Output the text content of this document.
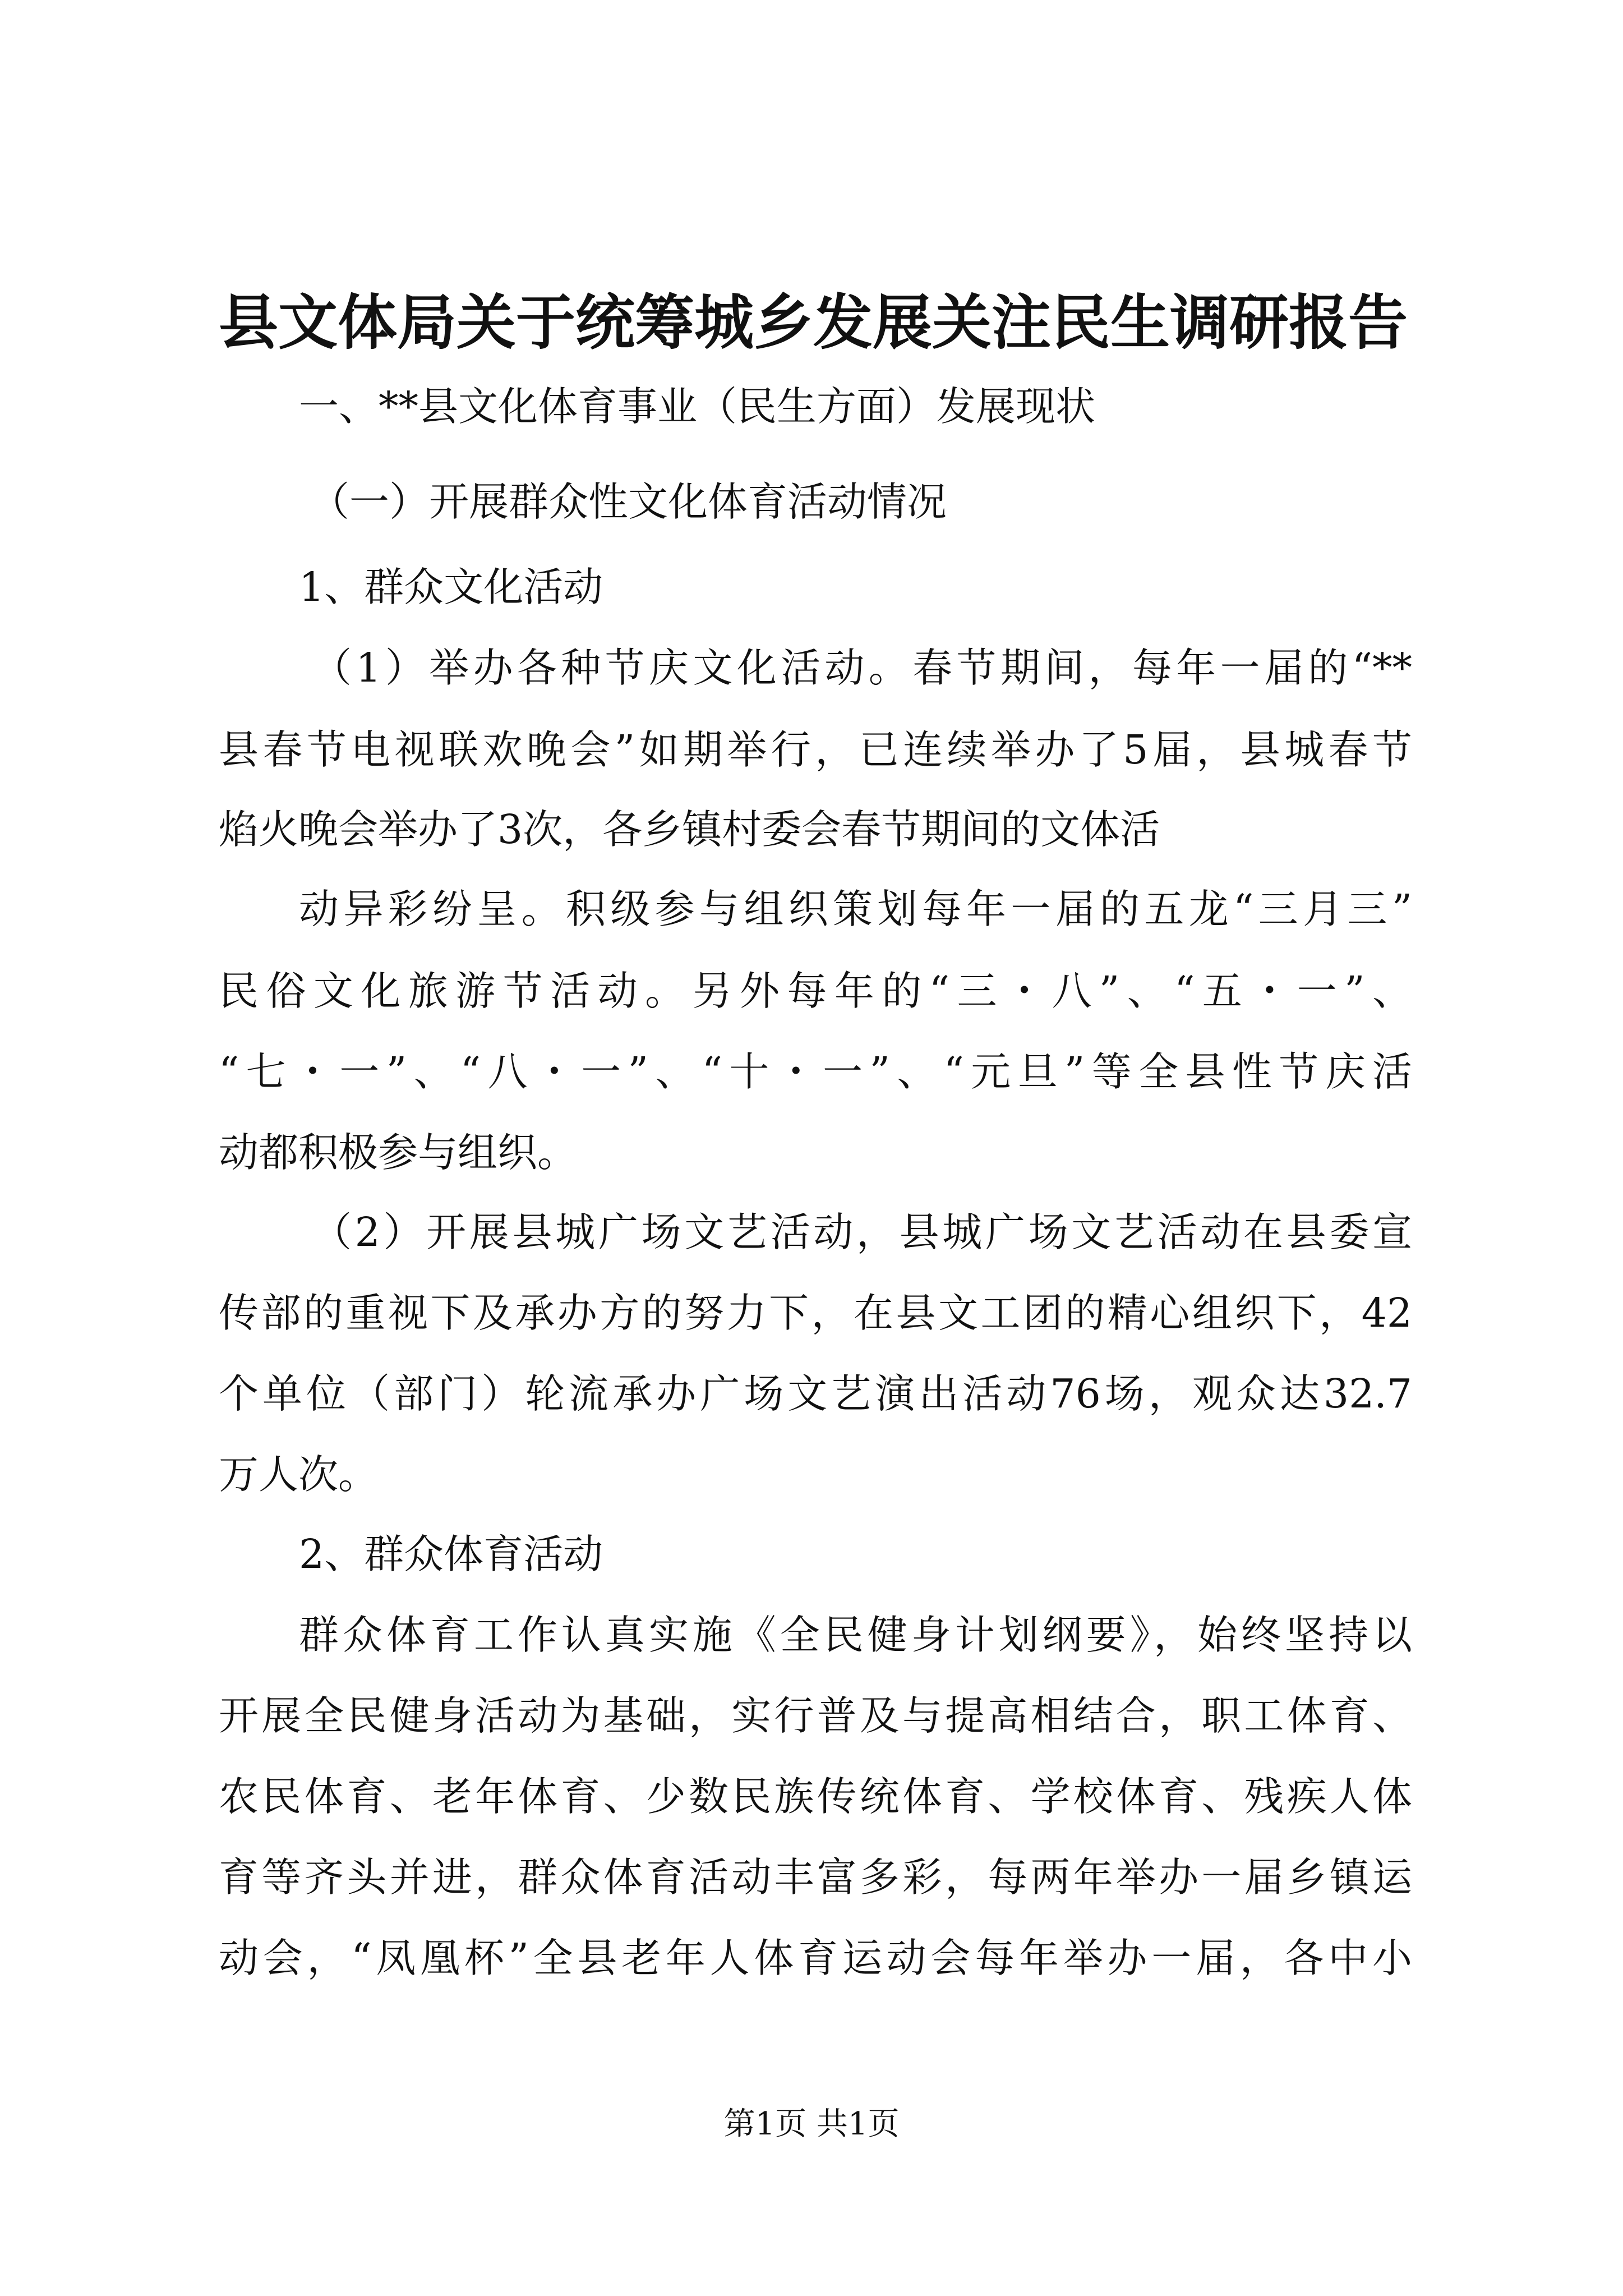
县文体局关于统筹城乡发展关注民生调研报告
一、**县文化体育事业（民生方面）发展现状
（一）开展群众性文化体育活动情况
1、群众文化活动
（1）举办各种节庆文化活动。春节期间，每年一届的“**
县春节电视联欢晚会”如期举行，已连续举办了5届，县城春节
焰火晚会举办了3次，各乡镇村委会春节期间的文体活
动异彩纷呈。积级参与组织策划每年一届的五龙“三月三”
民俗文化旅游节活动。另外每年的“三・八”、“五・一”、
“七・一”、“八・一”、“十・一”、“元旦”等全县性节庆活
动都积极参与组织。
（2）开展县城广场文艺活动，县城广场文艺活动在县委宣
传部的重视下及承办方的努力下，在县文工团的精心组织下，42
个单位（部门）轮流承办广场文艺演出活动76场，观众达32.7
万人次。
2、群众体育活动
群众体育工作认真实施《全民健身计划纲要》，始终坚持以
开展全民健身活动为基础，实行普及与提高相结合，职工体育、
农民体育、老年体育、少数民族传统体育、学校体育、残疾人体
育等齐头并进，群众体育活动丰富多彩，每两年举办一届乡镇运
动会，“凤凰杯”全县老年人体育运动会每年举办一届，各中小
第1页 共1页
